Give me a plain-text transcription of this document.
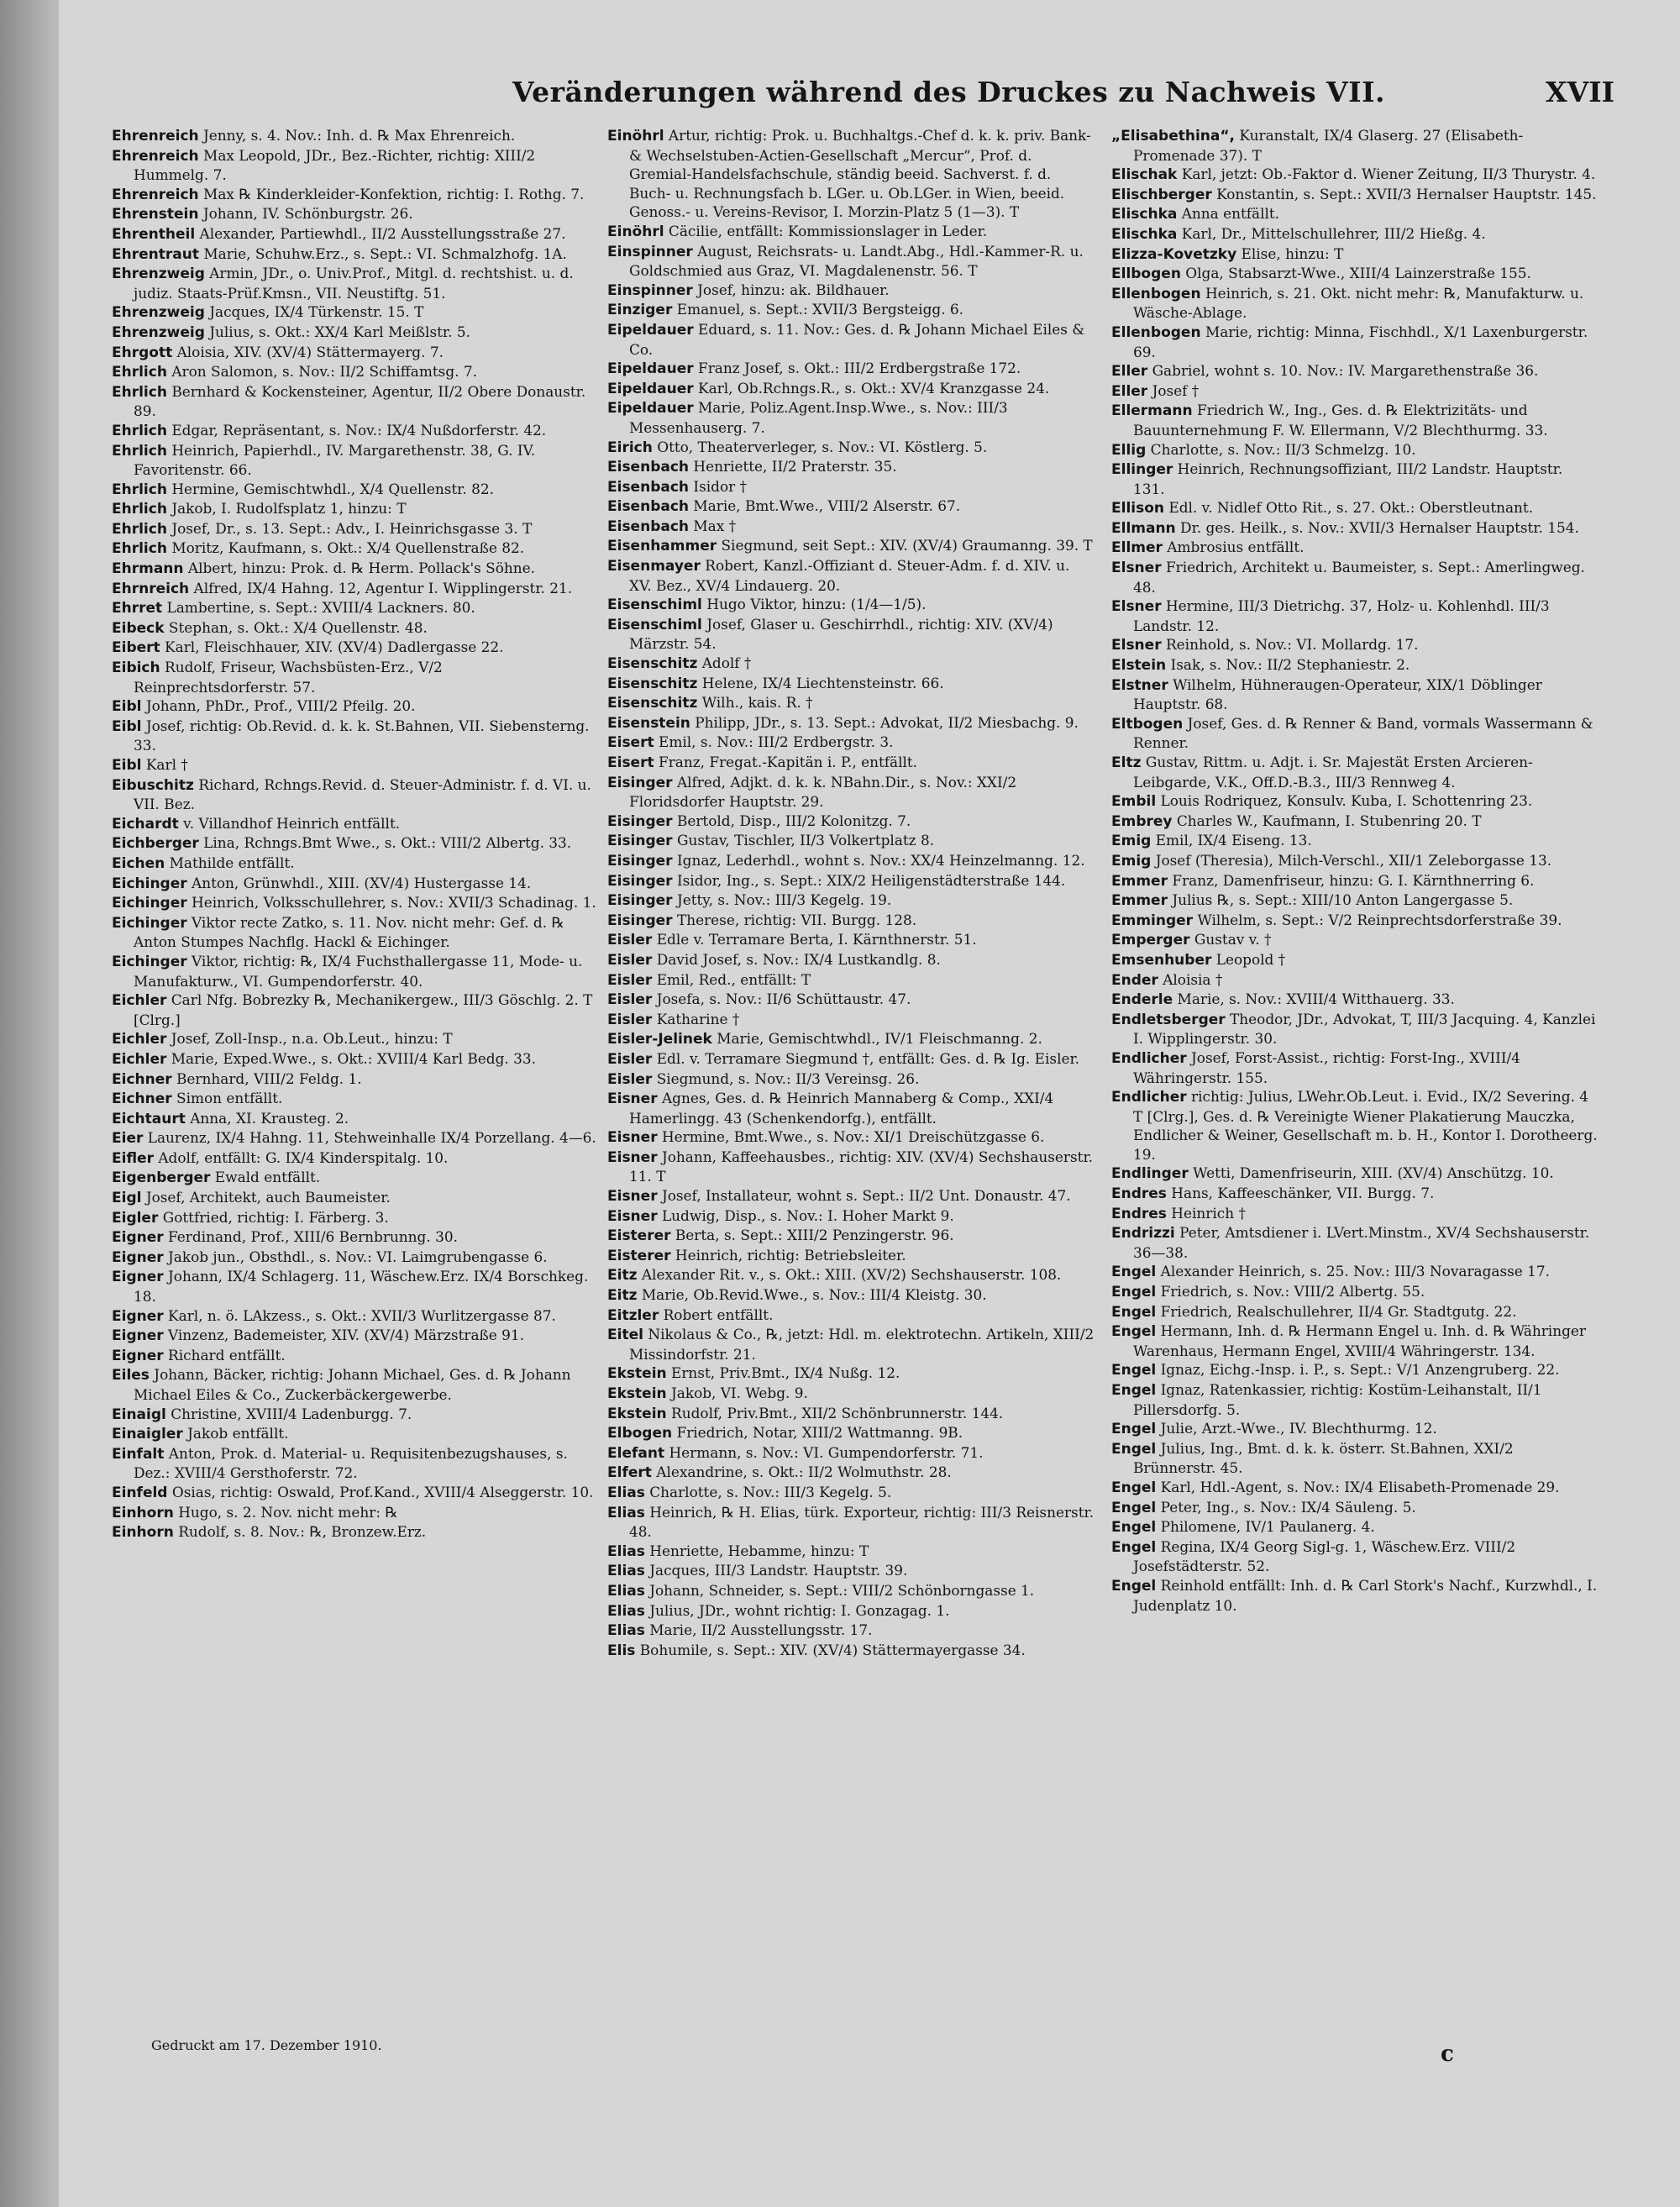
Veränderungen während des Druckes zu Nachweis VII.	XVII

Ehrenreich Jenny, s. 4. Nov.: Inh. d. ℞ Max Ehrenreich.

Ehrenreich Max Leopold, JDr., Bez.-Richter, richtig: XIII/2 Hummelg. 7.

Ehrenreich Max ℞ Kinderkleider-Konfektion, richtig: I. Rothg. 7.

Ehrenstein Johann, IV. Schönburgstr. 26.

Ehrentheil Alexander, Partiewhdl., II/2 Ausstellungsstraße 27.

Ehrentraut Marie, Schuhw.Erz., s. Sept.: VI. Schmalzhofg. 1A.

Ehrenzweig Armin, JDr., o. Univ.Prof., Mitgl. d. rechtshist. u. d. judiz. Staats-Prüf.Kmsn., VII. Neustiftg. 51.

Ehrenzweig Jacques, IX/4 Türkenstr. 15. T

Ehrenzweig Julius, s. Okt.: XX/4 Karl Meißlstr. 5.

Ehrgott Aloisia, XIV. (XV/4) Stättermayerg. 7.

Ehrlich Aron Salomon, s. Nov.: II/2 Schiffamtsg. 7.

Ehrlich Bernhard & Kockensteiner, Agentur, II/2 Obere Donaustr. 89.

Ehrlich Edgar, Repräsentant, s. Nov.: IX/4 Nußdorferstr. 42.

Ehrlich Heinrich, Papierhdl., IV. Margarethenstr. 38, G. IV. Favoritenstr. 66.

Ehrlich Hermine, Gemischtwhdl., X/4 Quellenstr. 82.

Ehrlich Jakob, I. Rudolfsplatz 1, hinzu: T

Ehrlich Josef, Dr., s. 13. Sept.: Adv., I. Heinrichsgasse 3. T

Ehrlich Moritz, Kaufmann, s. Okt.: X/4 Quellenstraße 82.

Ehrmann Albert, hinzu: Prok. d. ℞ Herm. Pollack's Söhne.

Ehrnreich Alfred, IX/4 Hahng. 12, Agentur I. Wipplingerstr. 21.

Ehrret Lambertine, s. Sept.: XVIII/4 Lackners. 80.

Eibeck Stephan, s. Okt.: X/4 Quellenstr. 48.

Eibert Karl, Fleischhauer, XIV. (XV/4) Dadlergasse 22.

Eibich Rudolf, Friseur, Wachsbüsten-Erz., V/2 Reinprechtsdorferstr. 57.

Eibl Johann, PhDr., Prof., VIII/2 Pfeilg. 20.

Eibl Josef, richtig: Ob.Revid. d. k. k. St.Bahnen, VII. Siebensterng. 33.

Eibl Karl †

Eibuschitz Richard, Rchngs.Revid. d. Steuer-Administr. f. d. VI. u. VII. Bez.

Eichardt v. Villandhof Heinrich entfällt.

Eichberger Lina, Rchngs.Bmt Wwe., s. Okt.: VIII/2 Albertg. 33.

Eichen Mathilde entfällt.

Eichinger Anton, Grünwhdl., XIII. (XV/4) Hustergasse 14.

Eichinger Heinrich, Volksschullehrer, s. Nov.: XVII/3 Schadinag. 1.

Eichinger Viktor recte Zatko, s. 11. Nov. nicht mehr: Gef. d. ℞ Anton Stumpes Nachflg. Hackl & Eichinger.

Eichinger Viktor, richtig: ℞, IX/4 Fuchsthallergasse 11, Mode- u. Manufakturw., VI. Gumpendorferstr. 40.

Eichler Carl Nfg. Bobrezky ℞, Mechanikergew., III/3 Göschlg. 2. T [Clrg.]

Eichler Josef, Zoll-Insp., n.a. Ob.Leut., hinzu: T

Eichler Marie, Exped.Wwe., s. Okt.: XVIII/4 Karl Bedg. 33.

Eichner Bernhard, VIII/2 Feldg. 1.

Eichner Simon entfällt.

Eichtaurt Anna, XI. Krausteg. 2.

Eier Laurenz, IX/4 Hahng. 11, Stehweinhalle IX/4 Porzellang. 4—6.

Eifler Adolf, entfällt: G. IX/4 Kinderspitalg. 10.

Eigenberger Ewald entfällt.

Eigl Josef, Architekt, auch Baumeister.

Eigler Gottfried, richtig: I. Färberg. 3.

Eigner Ferdinand, Prof., XIII/6 Bernbrunng. 30.

Eigner Jakob jun., Obsthdl., s. Nov.: VI. Laimgrubengasse 6.

Eigner Johann, IX/4 Schlagerg. 11, Wäschew.Erz. IX/4 Borschkeg. 18.

Eigner Karl, n. ö. LAkzess., s. Okt.: XVII/3 Wurlitzergasse 87.

Eigner Vinzenz, Bademeister, XIV. (XV/4) Märzstraße 91.

Eigner Richard entfällt.

Eiles Johann, Bäcker, richtig: Johann Michael, Ges. d. ℞ Johann Michael Eiles & Co., Zuckerbäckergewerbe.

Einaigl Christine, XVIII/4 Ladenburgg. 7.

Einaigler Jakob entfällt.

Einfalt Anton, Prok. d. Material- u. Requisitenbezugshauses, s. Dez.: XVIII/4 Gersthoferstr. 72.

Einfeld Osias, richtig: Oswald, Prof.Kand., XVIII/4 Alseggerstr. 10.

Einhorn Hugo, s. 2. Nov. nicht mehr: ℞

Einhorn Rudolf, s. 8. Nov.: ℞, Bronzew.Erz.

Einöhrl Artur, richtig: Prok. u. Buchhaltgs.-Chef d. k. k. priv. Bank- & Wechselstuben-Actien-Gesellschaft „Mercur“, Prof. d. Gremial-Handelsfachschule, ständig beeid. Sachverst. f. d. Buch- u. Rechnungsfach b. LGer. u. Ob.LGer. in Wien, beeid. Genoss.- u. Vereins-Revisor, I. Morzin-Platz 5 (1—3). T

Einöhrl Cäcilie, entfällt: Kommissionslager in Leder.

Einspinner August, Reichsrats- u. Landt.Abg., Hdl.-Kammer-R. u. Goldschmied aus Graz, VI. Magdalenenstr. 56. T

Einspinner Josef, hinzu: ak. Bildhauer.

Einziger Emanuel, s. Sept.: XVII/3 Bergsteigg. 6.

Eipeldauer Eduard, s. 11. Nov.: Ges. d. ℞ Johann Michael Eiles & Co.

Eipeldauer Franz Josef, s. Okt.: III/2 Erdbergstraße 172.

Eipeldauer Karl, Ob.Rchngs.R., s. Okt.: XV/4 Kranzgasse 24.

Eipeldauer Marie, Poliz.Agent.Insp.Wwe., s. Nov.: III/3 Messenhauserg. 7.

Eirich Otto, Theaterverleger, s. Nov.: VI. Köstlerg. 5.

Eisenbach Henriette, II/2 Praterstr. 35.

Eisenbach Isidor †

Eisenbach Marie, Bmt.Wwe., VIII/2 Alserstr. 67.

Eisenbach Max †

Eisenhammer Siegmund, seit Sept.: XIV. (XV/4) Graumanng. 39. T

Eisenmayer Robert, Kanzl.-Offiziant d. Steuer-Adm. f. d. XIV. u. XV. Bez., XV/4 Lindauerg. 20.

Eisenschiml Hugo Viktor, hinzu: (1/4—1/5).

Eisenschiml Josef, Glaser u. Geschirrhdl., richtig: XIV. (XV/4) Märzstr. 54.

Eisenschitz Adolf †

Eisenschitz Helene, IX/4 Liechtensteinstr. 66.

Eisenschitz Wilh., kais. R. †

Eisenstein Philipp, JDr., s. 13. Sept.: Advokat, II/2 Miesbachg. 9.

Eisert Emil, s. Nov.: III/2 Erdbergstr. 3.

Eisert Franz, Fregat.-Kapitän i. P., entfällt.

Eisinger Alfred, Adjkt. d. k. k. NBahn.Dir., s. Nov.: XXI/2 Floridsdorfer Hauptstr. 29.

Eisinger Bertold, Disp., III/2 Kolonitzg. 7.

Eisinger Gustav, Tischler, II/3 Volkertplatz 8.

Eisinger Ignaz, Lederhdl., wohnt s. Nov.: XX/4 Heinzelmanng. 12.

Eisinger Isidor, Ing., s. Sept.: XIX/2 Heiligenstädterstraße 144.

Eisinger Jetty, s. Nov.: III/3 Kegelg. 19.

Eisinger Therese, richtig: VII. Burgg. 128.

Eisler Edle v. Terramare Berta, I. Kärnthnerstr. 51.

Eisler David Josef, s. Nov.: IX/4 Lustkandlg. 8.

Eisler Emil, Red., entfällt: T

Eisler Josefa, s. Nov.: II/6 Schüttaustr. 47.

Eisler Katharine †

Eisler-Jelinek Marie, Gemischtwhdl., IV/1 Fleischmanng. 2.

Eisler Edl. v. Terramare Siegmund †, entfällt: Ges. d. ℞ Ig. Eisler.

Eisler Siegmund, s. Nov.: II/3 Vereinsg. 26.

Eisner Agnes, Ges. d. ℞ Heinrich Mannaberg & Comp., XXI/4 Hamerlingg. 43 (Schenkendorfg.), entfällt.

Eisner Hermine, Bmt.Wwe., s. Nov.: XI/1 Dreischützgasse 6.

Eisner Johann, Kaffeehausbes., richtig: XIV. (XV/4) Sechshauserstr. 11. T

Eisner Josef, Installateur, wohnt s. Sept.: II/2 Unt. Donaustr. 47.

Eisner Ludwig, Disp., s. Nov.: I. Hoher Markt 9.

Eisterer Berta, s. Sept.: XIII/2 Penzingerstr. 96.

Eisterer Heinrich, richtig: Betriebsleiter.

Eitz Alexander Rit. v., s. Okt.: XIII. (XV/2) Sechshauserstr. 108.

Eitz Marie, Ob.Revid.Wwe., s. Nov.: III/4 Kleistg. 30.

Eitzler Robert entfällt.

Eitel Nikolaus & Co., ℞, jetzt: Hdl. m. elektrotechn. Artikeln, XIII/2 Missindorfstr. 21.

Ekstein Ernst, Priv.Bmt., IX/4 Nußg. 12.

Ekstein Jakob, VI. Webg. 9.

Ekstein Rudolf, Priv.Bmt., XII/2 Schönbrunnerstr. 144.

Elbogen Friedrich, Notar, XIII/2 Wattmanng. 9B.

Elefant Hermann, s. Nov.: VI. Gumpendorferstr. 71.

Elfert Alexandrine, s. Okt.: II/2 Wolmuthstr. 28.

Elias Charlotte, s. Nov.: III/3 Kegelg. 5.

Elias Heinrich, ℞ H. Elias, türk. Exporteur, richtig: III/3 Reisnerstr. 48.

Elias Henriette, Hebamme, hinzu: T

Elias Jacques, III/3 Landstr. Hauptstr. 39.

Elias Johann, Schneider, s. Sept.: VIII/2 Schönborngasse 1.

Elias Julius, JDr., wohnt richtig: I. Gonzagag. 1.

Elias Marie, II/2 Ausstellungsstr. 17.

Elis Bohumile, s. Sept.: XIV. (XV/4) Stättermayergasse 34.

„Elisabethina“, Kuranstalt, IX/4 Glaserg. 27 (Elisabeth-Promenade 37). T

Elischak Karl, jetzt: Ob.-Faktor d. Wiener Zeitung, II/3 Thurystr. 4.

Elischberger Konstantin, s. Sept.: XVII/3 Hernalser Hauptstr. 145.

Elischka Anna entfällt.

Elischka Karl, Dr., Mittelschullehrer, III/2 Hießg. 4.

Elizza-Kovetzky Elise, hinzu: T

Ellbogen Olga, Stabsarzt-Wwe., XIII/4 Lainzerstraße 155.

Ellenbogen Heinrich, s. 21. Okt. nicht mehr: ℞, Manufakturw. u. Wäsche-Ablage.

Ellenbogen Marie, richtig: Minna, Fischhdl., X/1 Laxenburgerstr. 69.

Eller Gabriel, wohnt s. 10. Nov.: IV. Margarethenstraße 36.

Eller Josef †

Ellermann Friedrich W., Ing., Ges. d. ℞ Elektrizitäts- und Bauunternehmung F. W. Ellermann, V/2 Blechthurmg. 33.

Ellig Charlotte, s. Nov.: II/3 Schmelzg. 10.

Ellinger Heinrich, Rechnungsoffiziant, III/2 Landstr. Hauptstr. 131.

Ellison Edl. v. Nidlef Otto Rit., s. 27. Okt.: Oberstleutnant.

Ellmann Dr. ges. Heilk., s. Nov.: XVII/3 Hernalser Hauptstr. 154.

Ellmer Ambrosius entfällt.

Elsner Friedrich, Architekt u. Baumeister, s. Sept.: Amerlingweg. 48.

Elsner Hermine, III/3 Dietrichg. 37, Holz- u. Kohlenhdl. III/3 Landstr. 12.

Elsner Reinhold, s. Nov.: VI. Mollardg. 17.

Elstein Isak, s. Nov.: II/2 Stephaniestr. 2.

Elstner Wilhelm, Hühneraugen-Operateur, XIX/1 Döblinger Hauptstr. 68.

Eltbogen Josef, Ges. d. ℞ Renner & Band, vormals Wassermann & Renner.

Eltz Gustav, Rittm. u. Adjt. i. Sr. Majestät Ersten Arcieren-Leibgarde, V.K., Off.D.-B.3., III/3 Rennweg 4.

Embil Louis Rodriquez, Konsulv. Kuba, I. Schottenring 23.

Embrey Charles W., Kaufmann, I. Stubenring 20. T

Emig Emil, IX/4 Eiseng. 13.

Emig Josef (Theresia), Milch-Verschl., XII/1 Zeleborgasse 13.

Emmer Franz, Damenfriseur, hinzu: G. I. Kärnthnerring 6.

Emmer Julius ℞, s. Sept.: XIII/10 Anton Langergasse 5.

Emminger Wilhelm, s. Sept.: V/2 Reinprechtsdorferstraße 39.

Emperger Gustav v. †

Emsenhuber Leopold †

Ender Aloisia †

Enderle Marie, s. Nov.: XVIII/4 Witthauerg. 33.

Endletsberger Theodor, JDr., Advokat, T, III/3 Jacquing. 4, Kanzlei I. Wipplingerstr. 30.

Endlicher Josef, Forst-Assist., richtig: Forst-Ing., XVIII/4 Währingerstr. 155.

Endlicher richtig: Julius, LWehr.Ob.Leut. i. Evid., IX/2 Severing. 4 T [Clrg.], Ges. d. ℞ Vereinigte Wiener Plakatierung Mauczka, Endlicher & Weiner, Gesellschaft m. b. H., Kontor I. Dorotheerg. 19.

Endlinger Wetti, Damenfriseurin, XIII. (XV/4) Anschützg. 10.

Endres Hans, Kaffeeschänker, VII. Burgg. 7.

Endres Heinrich †

Endrizzi Peter, Amtsdiener i. LVert.Minstm., XV/4 Sechshauserstr. 36—38.

Engel Alexander Heinrich, s. 25. Nov.: III/3 Novaragasse 17.

Engel Friedrich, s. Nov.: VIII/2 Albertg. 55.

Engel Friedrich, Realschullehrer, II/4 Gr. Stadtgutg. 22.

Engel Hermann, Inh. d. ℞ Hermann Engel u. Inh. d. ℞ Währinger Warenhaus, Hermann Engel, XVIII/4 Währingerstr. 134.

Engel Ignaz, Eichg.-Insp. i. P., s. Sept.: V/1 Anzengruberg. 22.

Engel Ignaz, Ratenkassier, richtig: Kostüm-Leihanstalt, II/1 Pillersdorfg. 5.

Engel Julie, Arzt.-Wwe., IV. Blechthurmg. 12.

Engel Julius, Ing., Bmt. d. k. k. österr. St.Bahnen, XXI/2 Brünnerstr. 45.

Engel Karl, Hdl.-Agent, s. Nov.: IX/4 Elisabeth-Promenade 29.

Engel Peter, Ing., s. Nov.: IX/4 Säuleng. 5.

Engel Philomene, IV/1 Paulanerg. 4.

Engel Regina, IX/4 Georg Sigl-g. 1, Wäschew.Erz. VIII/2 Josefstädterstr. 52.

Engel Reinhold entfällt: Inh. d. ℞ Carl Stork's Nachf., Kurzwhdl., I. Judenplatz 10.

Gedruckt am 17. Dezember 1910.	c
